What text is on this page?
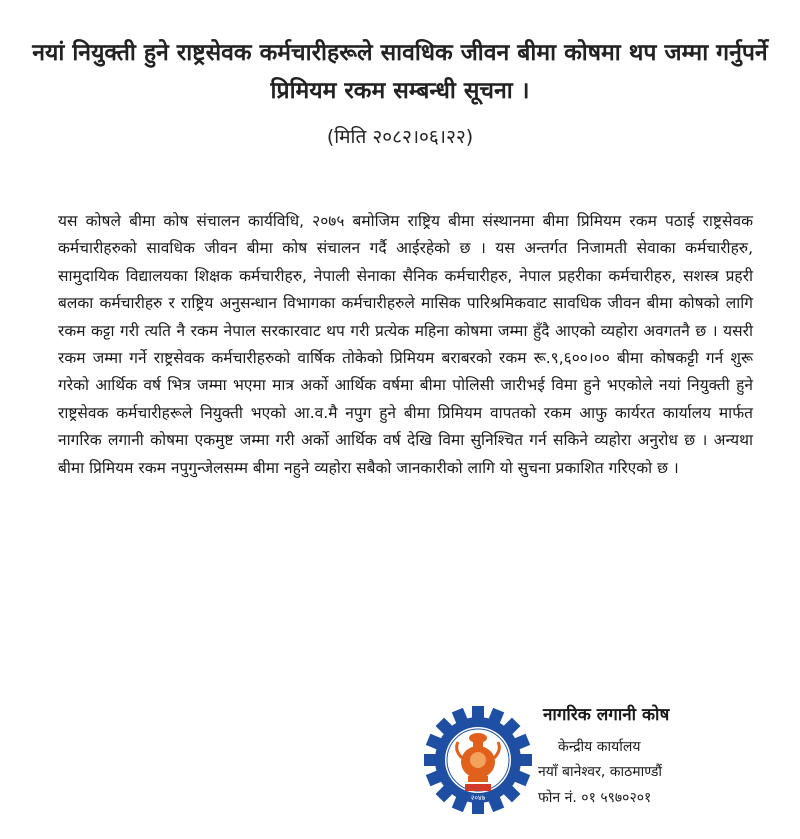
नयां नियुक्ती हुने राष्ट्रसेवक कर्मचारीहरूले सावधिक जीवन बीमा कोषमा थप जम्मा गर्नुपर्ने प्रिमियम रकम सम्बन्धी सूचना ।
(मिति २०८२।०६।२२)
यस कोषले बीमा कोष संचालन कार्यविधि, २०७५ बमोजिम राष्ट्रिय बीमा संस्थानमा बीमा प्रिमियम रकम पठाई राष्ट्रसेवक कर्मचारीहरुको सावधिक जीवन बीमा कोष संचालन गर्दै आईरहेको छ । यस अन्तर्गत निजामती सेवाका कर्मचारीहरु, सामुदायिक विद्यालयका शिक्षक कर्मचारीहरु, नेपाली सेनाका सैनिक कर्मचारीहरु, नेपाल प्रहरीका कर्मचारीहरु, सशस्त्र प्रहरी बलका कर्मचारीहरु र राष्ट्रिय अनुसन्धान विभागका कर्मचारीहरुले मासिक पारिश्रमिकवाट सावधिक जीवन बीमा कोषको लागि रकम कट्टा गरी त्यति नै रकम नेपाल सरकारवाट थप गरी प्रत्येक महिना कोषमा जम्मा हुँदै आएको व्यहोरा अवगतनै छ । यसरी रकम जम्मा गर्ने राष्ट्रसेवक कर्मचारीहरुको वार्षिक तोकेको प्रिमियम बराबरको रकम रू.९,६००।०० बीमा कोषकट्टी गर्न शुरू गरेको आर्थिक वर्ष भित्र जम्मा भएमा मात्र अर्को आर्थिक वर्षमा बीमा पोलिसी जारीभई विमा हुने भएकोले नयां नियुक्ती हुने राष्ट्रसेवक कर्मचारीहरूले नियुक्ती भएको आ.व.मै नपुग हुने बीमा प्रिमियम वापतको रकम आफु कार्यरत कार्यालय मार्फत नागरिक लगानी कोषमा एकमुष्ट जम्मा गरी अर्को आर्थिक वर्ष देखि विमा सुनिश्चित गर्न सकिने व्यहोरा अनुरोध छ । अन्यथा बीमा प्रिमियम रकम नपुगुन्जेलसम्म बीमा नहुने व्यहोरा सबैको जानकारीको लागि यो सुचना प्रकाशित गरिएको छ ।
२०४७
नागरिक लगानी कोष
केन्द्रीय कार्यालय
नयाँ बानेश्वर, काठमाण्डौं
फोन नं. ०१ ५९७०२०१
